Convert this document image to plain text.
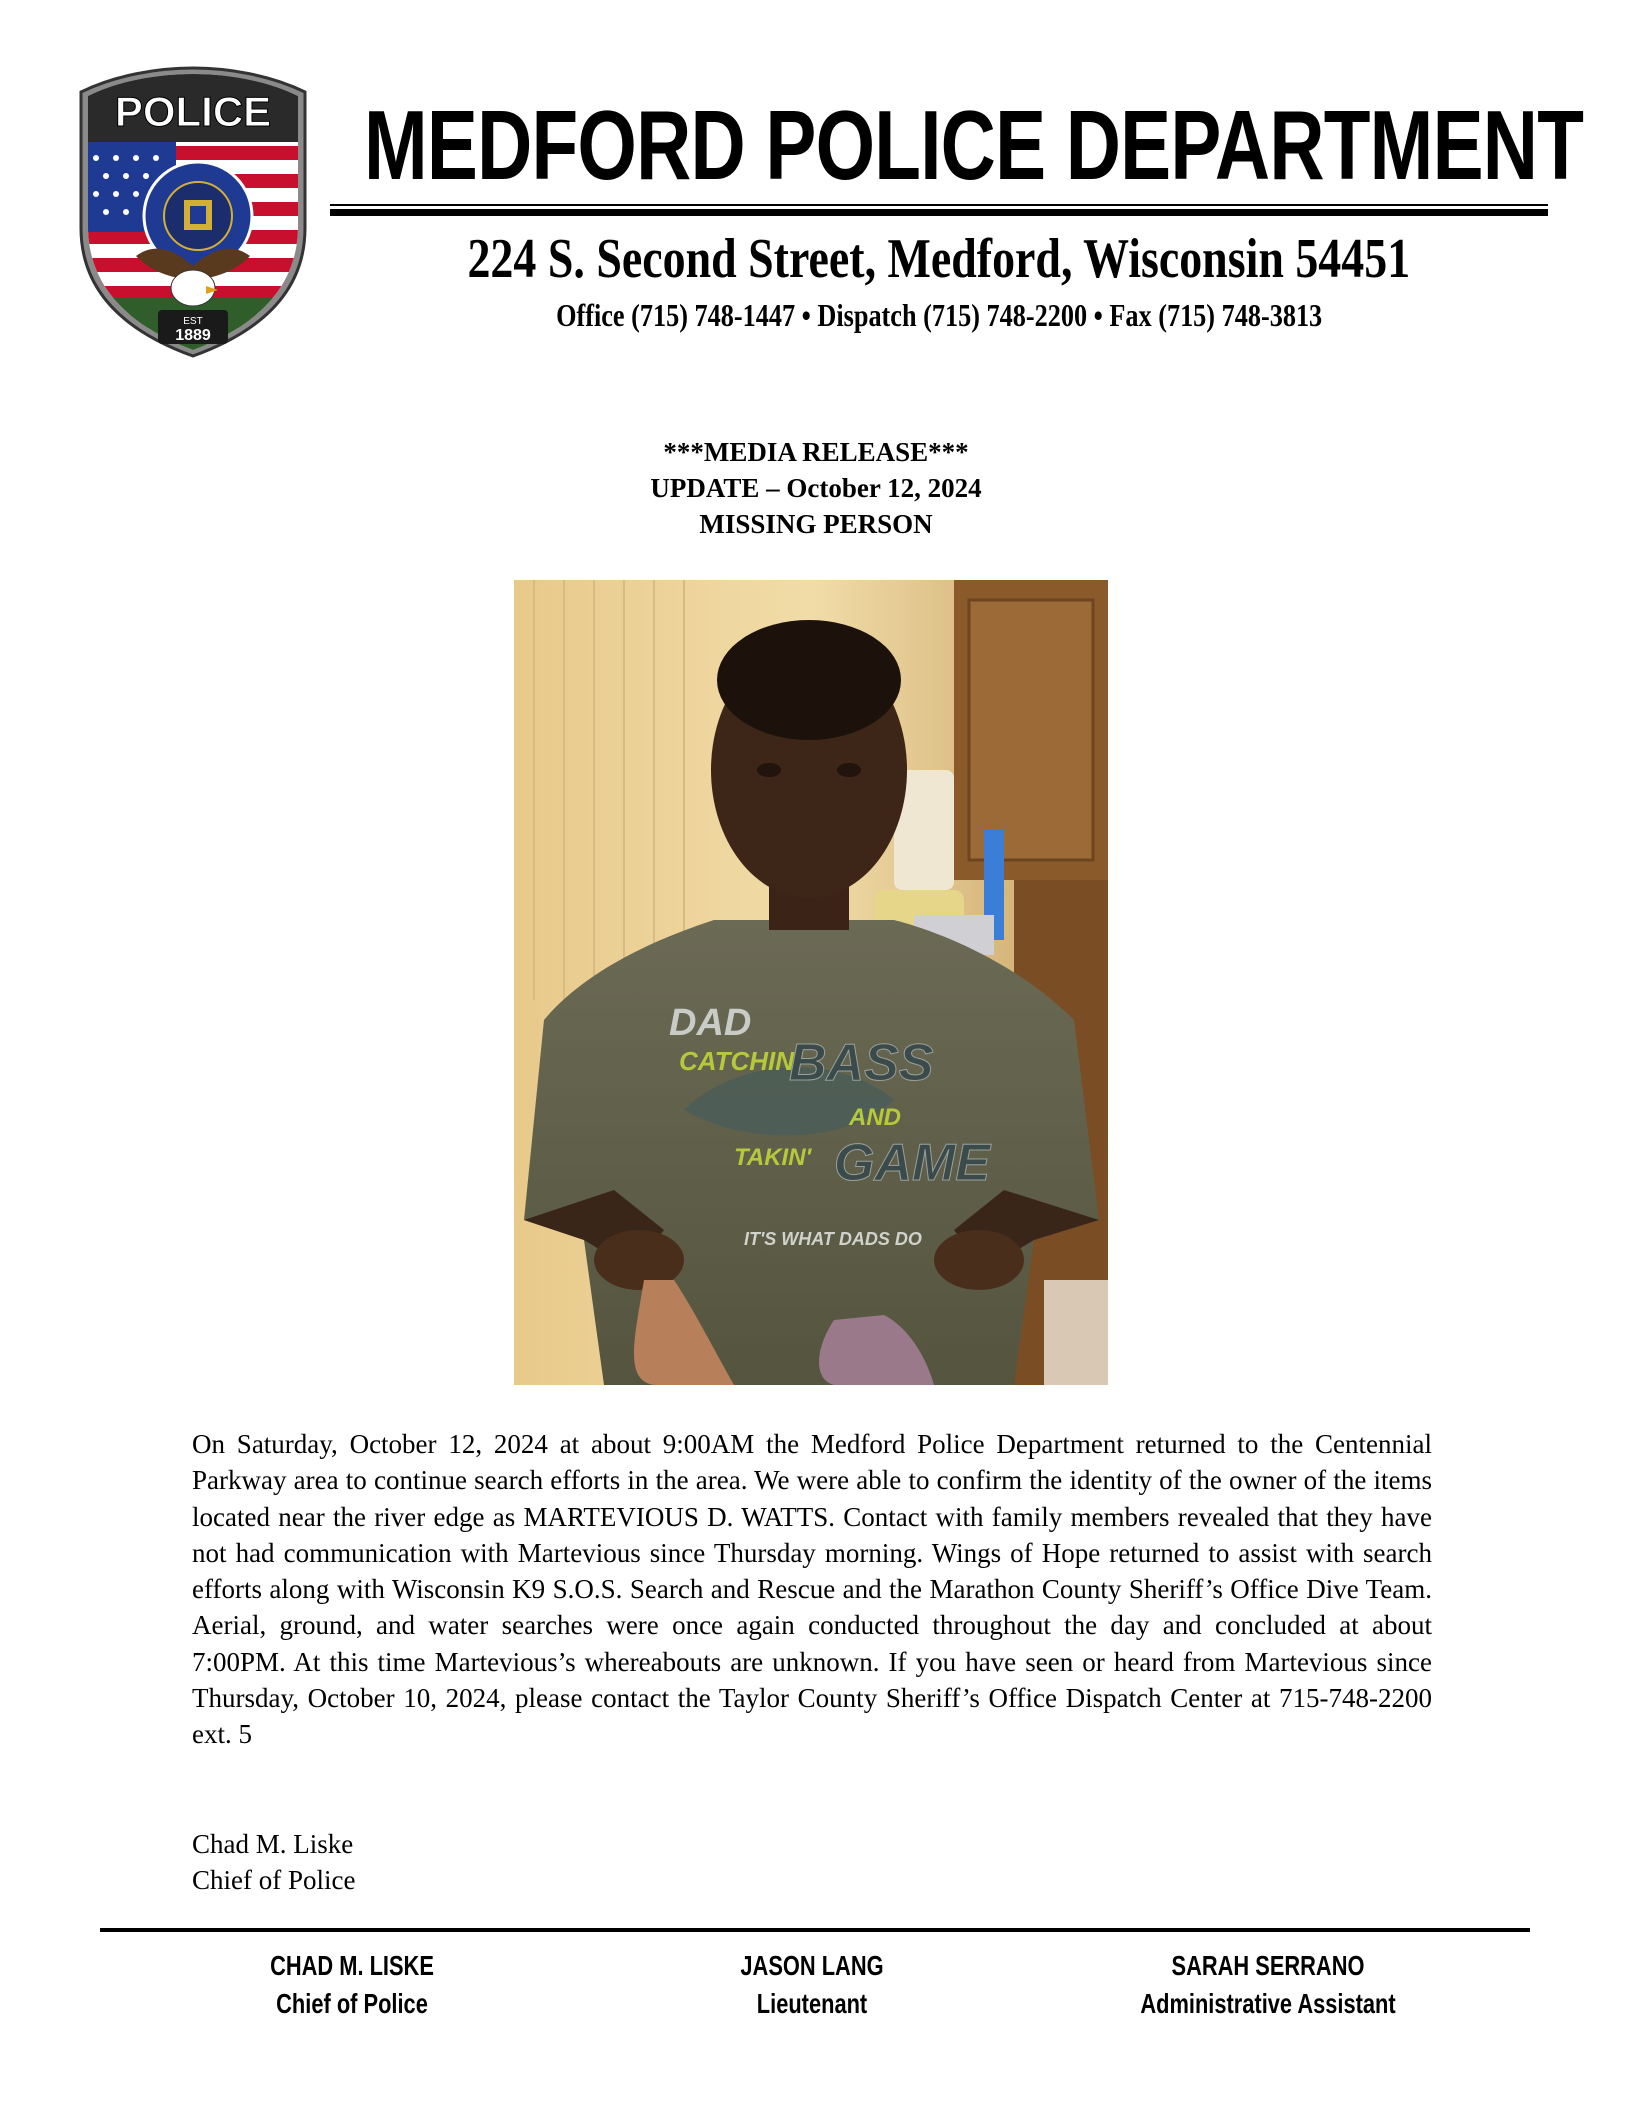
POLICE
EST
1889
MEDFORD POLICE DEPARTMENT
224 S. Second Street, Medford, Wisconsin 54451
Office (715) 748-1447 • Dispatch (715) 748-2200 • Fax (715) 748-3813
***MEDIA RELEASE***
UPDATE – October 12, 2024
MISSING PERSON
DAD
CATCHIN'
BASS
AND
TAKIN' GAME
IT'S WHAT DADS DO
On Saturday, October 12, 2024 at about 9:00AM the Medford Police Department returned to the Centennial Parkway area to continue search efforts in the area. We were able to confirm the identity of the owner of the items located near the river edge as MARTEVIOUS D. WATTS. Contact with family members revealed that they have not had communication with Martevious since Thursday morning. Wings of Hope returned to assist with search efforts along with Wisconsin K9 S.O.S. Search and Rescue and the Marathon County Sheriff’s Office Dive Team. Aerial, ground, and water searches were once again conducted throughout the day and concluded at about 7:00PM. At this time Martevious’s whereabouts are unknown. If you have seen or heard from Martevious since Thursday, October 10, 2024, please contact the Taylor County Sheriff’s Office Dispatch Center at 715-748-2200 ext. 5
Chad M. Liske
Chief of Police
CHAD M. LISKE
Chief of Police
JASON LANG
Lieutenant
SARAH SERRANO
Administrative Assistant
